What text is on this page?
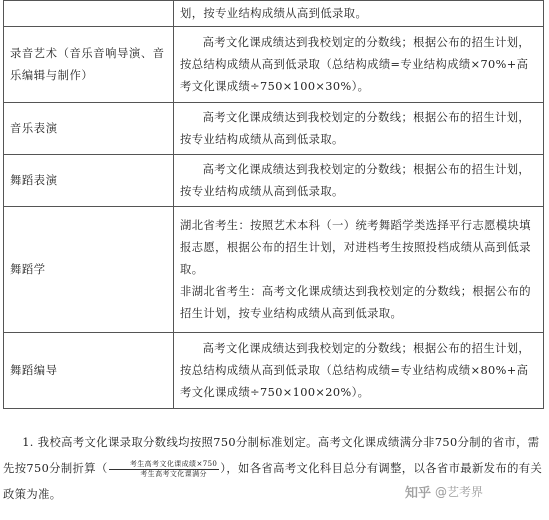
	划，按专业结构成绩从高到低录取。

录音艺术（音乐音响导演、音乐编辑与制作）	高考文化课成绩达到我校划定的分数线；根据公布的招生计划，按总结构成绩从高到低录取（总结构成绩=专业结构成绩×70%+高考文化课成绩÷750×100×30%）。

音乐表演	高考文化课成绩达到我校划定的分数线；根据公布的招生计划，按专业结构成绩从高到低录取。

舞蹈表演	高考文化课成绩达到我校划定的分数线；根据公布的招生计划，按专业结构成绩从高到低录取。

舞蹈学	湖北省考生：按照艺术本科（一）统考舞蹈学类选择平行志愿模块填报志愿，根据公布的招生计划，对进档考生按照投档成绩从高到低录取。
非湖北省考生：高考文化课成绩达到我校划定的分数线；根据公布的招生计划，按专业结构成绩从高到低录取。

舞蹈编导	高考文化课成绩达到我校划定的分数线；根据公布的招生计划，按总结构成绩从高到低录取（总结构成绩=专业结构成绩×80%+高考文化课成绩÷750×100×20%）。
1. 我校高考文化课录取分数线均按照750分制标准划定。高考文化课成绩满分非750分制的省市，需先按750分制折算（ $\frac{\text{考生高考文化课成绩×750}}{\text{考生高考文化课满分}}$ ），如各省高考文化科目总分有调整，以各省市最新发布的有关政策为准。	知乎 @艺考界
